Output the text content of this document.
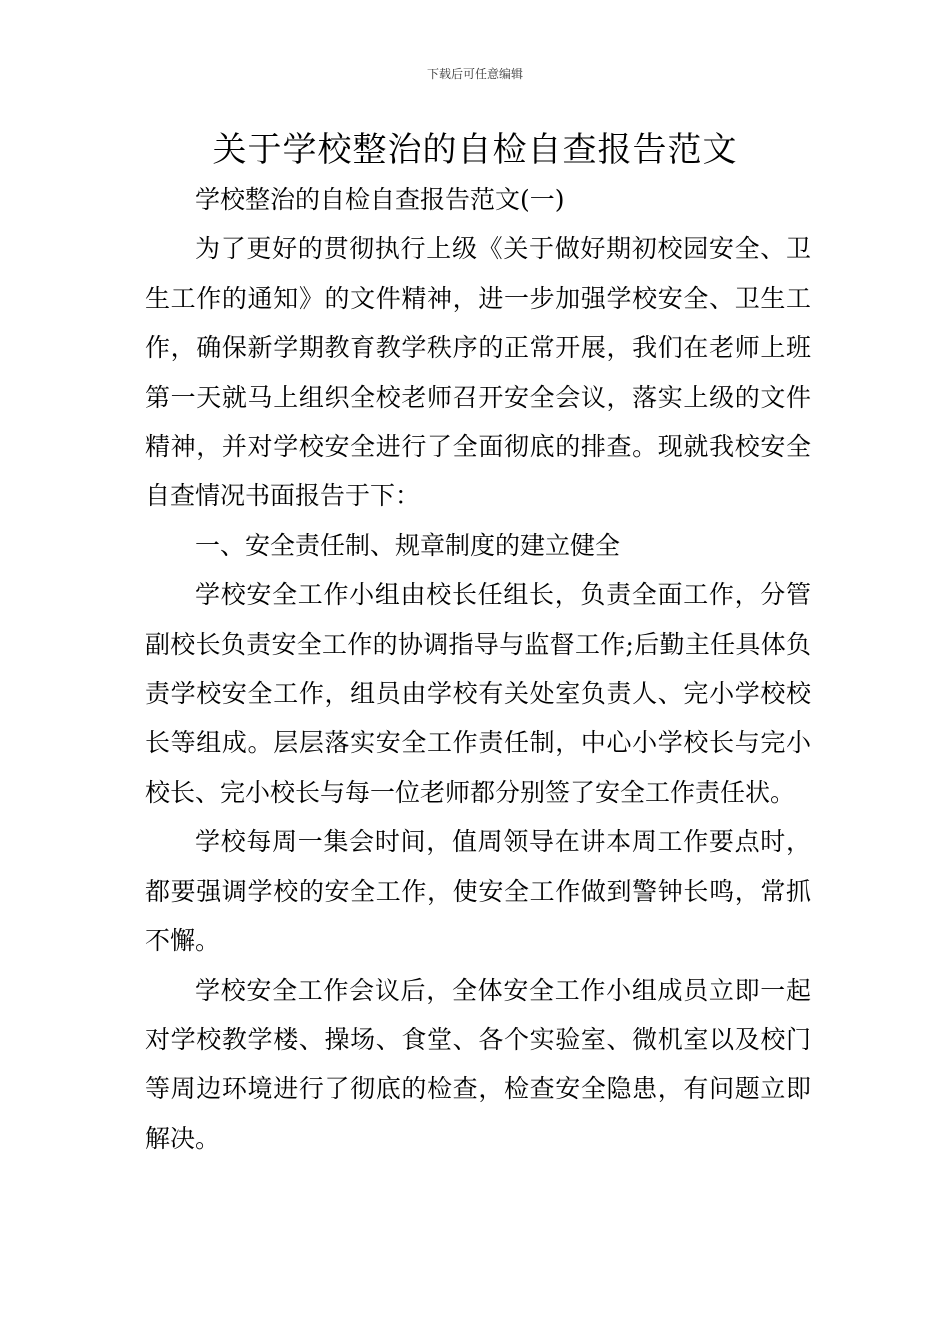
下载后可任意编辑
关于学校整治的自检自查报告范文

学校整治的自检自查报告范文(一)

为了更好的贯彻执行上级《关于做好期初校园安全、卫生工作的通知》的文件精神，进一步加强学校安全、卫生工作，确保新学期教育教学秩序的正常开展，我们在老师上班第一天就马上组织全校老师召开安全会议，落实上级的文件精神，并对学校安全进行了全面彻底的排查。现就我校安全自查情况书面报告于下：

一、安全责任制、规章制度的建立健全

学校安全工作小组由校长任组长，负责全面工作，分管副校长负责安全工作的协调指导与监督工作;后勤主任具体负责学校安全工作，组员由学校有关处室负责人、完小学校校长等组成。层层落实安全工作责任制，中心小学校长与完小校长、完小校长与每一位老师都分别签了安全工作责任状。

学校每周一集会时间，值周领导在讲本周工作要点时，都要强调学校的安全工作，使安全工作做到警钟长鸣，常抓不懈。

学校安全工作会议后，全体安全工作小组成员立即一起对学校教学楼、操场、食堂、各个实验室、微机室以及校门等周边环境进行了彻底的检查，检查安全隐患，有问题立即解决。
